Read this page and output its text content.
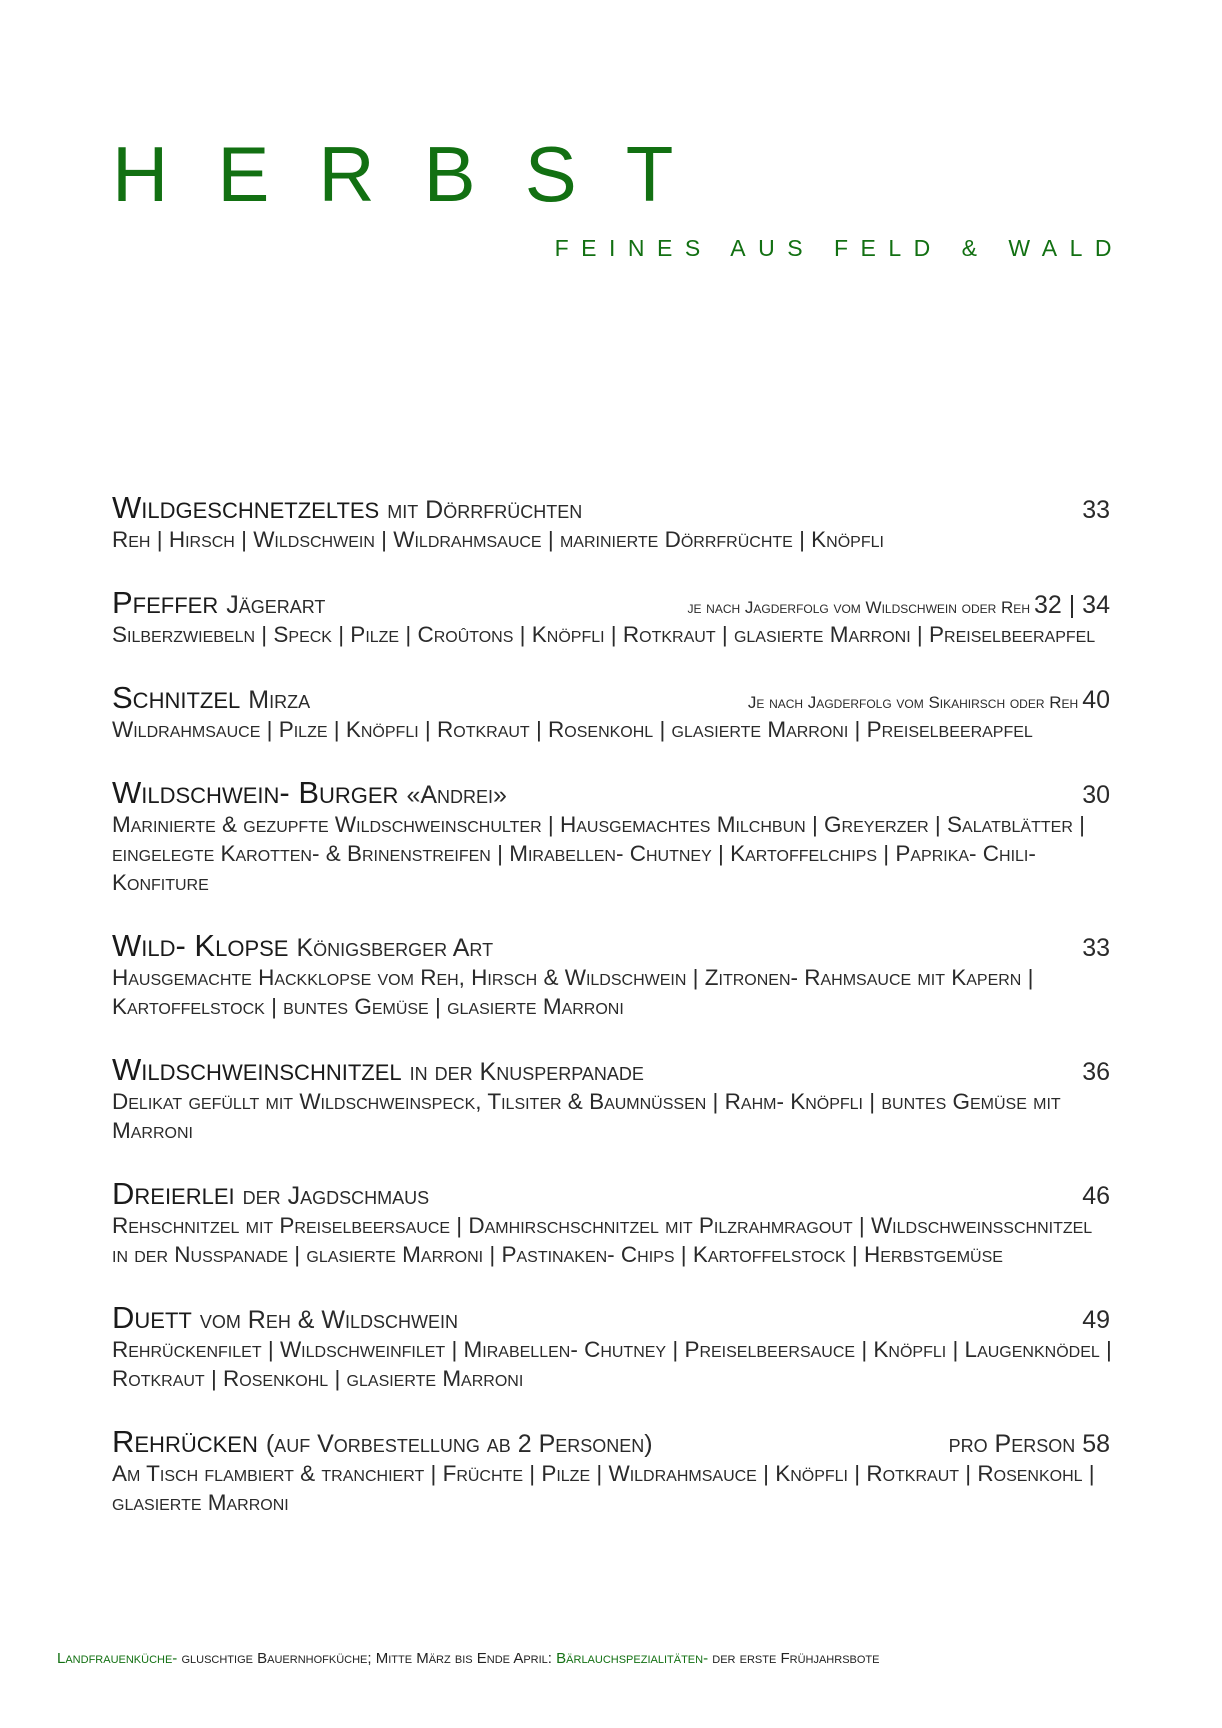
HERBST
FEINES AUS FELD & WALD
Wildgeschnetzeltes mit Dörrfrüchten	33
Reh | Hirsch | Wildschwein | Wildrahmsauce | marinierte Dörrfrüchte | Knöpfli
Pfeffer Jägerart	je nach Jagderfolg vom Wildschwein oder Reh 32 | 34
Silberzwiebeln | Speck | Pilze | Croûtons | Knöpfli | Rotkraut | glasierte Marroni | Preiselbeerapfel
Schnitzel Mirza	Je nach Jagderfolg vom Sikahirsch oder Reh 40
Wildrahmsauce | Pilze | Knöpfli | Rotkraut | Rosenkohl | glasierte Marroni | Preiselbeerapfel
Wildschwein- Burger «Andrei»	30
Marinierte & gezupfte Wildschweinschulter | Hausgemachtes Milchbun | Greyerzer | Salatblätter | eingelegte Karotten- & Brinenstreifen | Mirabellen- Chutney | Kartoffelchips | Paprika- Chili- Konfiture
Wild- Klopse Königsberger Art	33
Hausgemachte Hackklopse vom Reh, Hirsch & Wildschwein | Zitronen- Rahmsauce mit Kapern | Kartoffelstock | buntes Gemüse | glasierte Marroni
Wildschweinschnitzel in der Knusperpanade	36
Delikat gefüllt mit Wildschweinspeck, Tilsiter & Baumnüssen | Rahm- Knöpfli | buntes Gemüse mit Marroni
Dreierlei der Jagdschmaus	46
Rehschnitzel mit Preiselbeersauce | Damhirschschnitzel mit Pilzrahmragout | Wildschweinsschnitzel in der Nusspanade | glasierte Marroni | Pastinaken- Chips | Kartoffelstock | Herbstgemüse
Duett vom Reh & Wildschwein	49
Rehrückenfilet | Wildschweinfilet | Mirabellen- Chutney | Preiselbeersauce | Knöpfli | Laugenknödel | Rotkraut | Rosenkohl | glasierte Marroni
Rehrücken (auf Vorbestellung ab 2 Personen)	pro Person 58
Am Tisch flambiert & tranchiert | Früchte | Pilze | Wildrahmsauce | Knöpfli | Rotkraut | Rosenkohl | glasierte Marroni
Landfrauenküche- gluschtige Bauernhofküche; Mitte März bis Ende April: Bärlauchspezialitäten- der erste Frühjahrsbote
